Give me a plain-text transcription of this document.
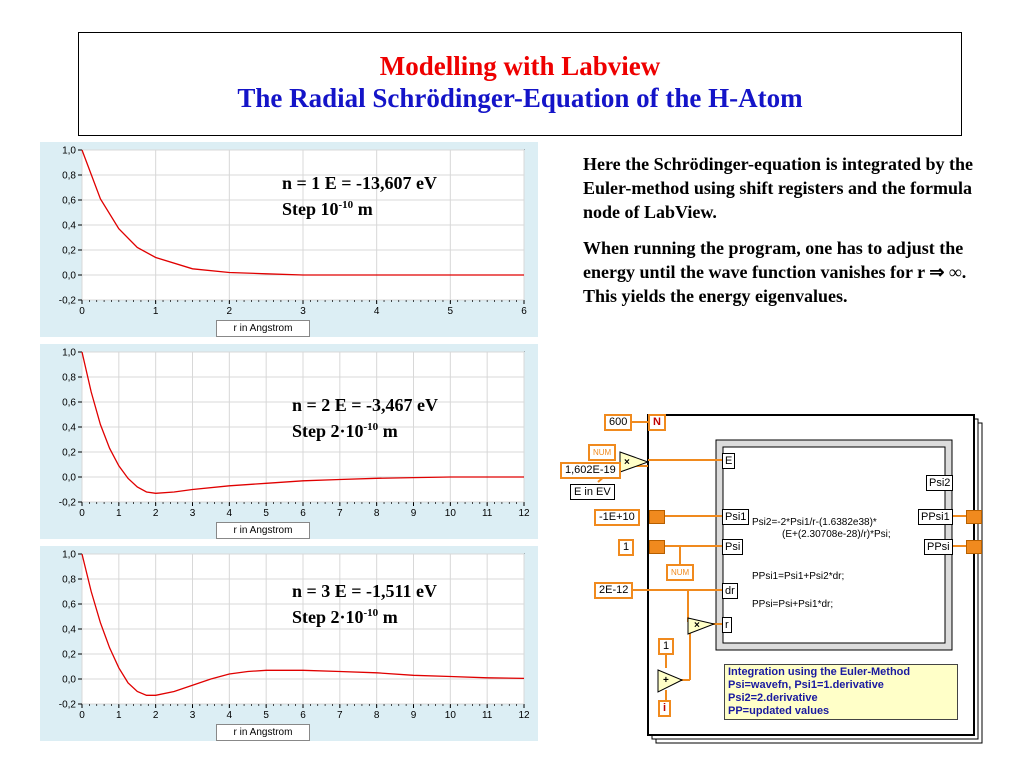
Modelling with Labview
The Radial Schrödinger-Equation of the H-Atom
0	1	2	3	4	5	6
1,0
0,8
0,6
0,4
0,2
0,0
-0,2
n = 1 E = -13,607 eV
Step $10^{-10}$ m
r in Angstrom
0	1	2	3	4	5	6	7	8	9	10	11	12
1,0
0,8
0,6
0,4
0,2
0,0
-0,2
n = 2 E = -3,467 eV
Step $2\cdot 10^{-10}$ m
r in Angstrom
0	1	2	3	4	5	6	7	8	9	10	11	12
1,0
0,8
0,6
0,4
0,2
0,0
-0,2
n = 3 E = -1,511 eV
Step $2\cdot 10^{-10}$ m
r in Angstrom

Here the Schrödinger-equation is integrated by the Euler-method using shift registers and the formula node of LabView.

When running the program, one has to adjust the energy until the wave function vanishes for r ⇒ ∞. This yields the energy eigenvalues.

600	N
NUM
×
1,602E-19
E in EV
-1E+10
1
NUM
2E-12
×
1
+
i
E
Psi1
Psi
dr
r
Psi2
PPsi1
PPsi
Psi2=-2*Psi1/r-(1.6382e38)*
(E+(2.30708e-28)/r)*Psi;
PPsi1=Psi1+Psi2*dr;
PPsi=Psi+Psi1*dr;
Integration using the Euler-Method
Psi=wavefn, Psi1=1.derivative
Psi2=2.derivative
PP=updated values
